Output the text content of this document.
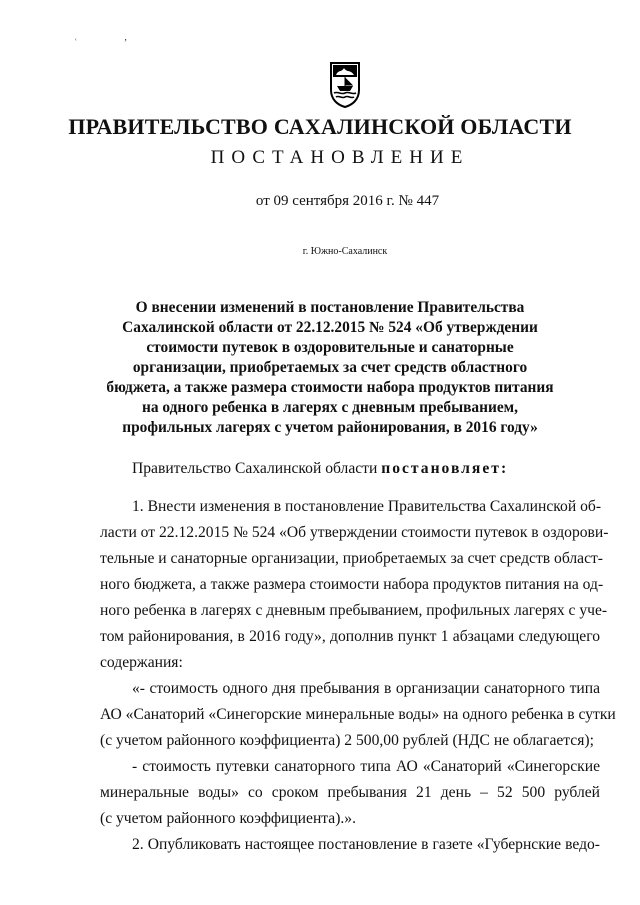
ʿ ʼ
ПРАВИТЕЛЬСТВО САХАЛИНСКОЙ ОБЛАСТИ
ПОСТАНОВЛЕНИЕ
от 09 сентября 2016 г. № 447
г. Южно-Сахалинск
О внесении изменений в постановление Правительства
Сахалинской области от 22.12.2015 № 524 «Об утверждении
стоимости путевок в оздоровительные и санаторные
организации, приобретаемых за счет средств областного
бюджета, а также размера стоимости набора продуктов питания
на одного ребенка в лагерях с дневным пребыванием,
профильных лагерях с учетом районирования, в 2016 году»
Правительство Сахалинской области постановляет:
1. Внести изменения в постановление Правительства Сахалинской об-
ласти от 22.12.2015 № 524 «Об утверждении стоимости путевок в оздорови-
тельные и санаторные организации, приобретаемых за счет средств област-
ного бюджета, а также размера стоимости набора продуктов питания на од-
ного ребенка в лагерях с дневным пребыванием, профильных лагерях с уче-
том районирования, в 2016 году», дополнив пункт 1 абзацами следующего
содержания:
«- стоимость одного дня пребывания в организации санаторного типа
АО «Санаторий «Синегорские минеральные воды» на одного ребенка в сутки
(с учетом районного коэффициента) 2 500,00 рублей (НДС не облагается);
- стоимость путевки санаторного типа АО «Санаторий «Синегорские
минеральные воды» со сроком пребывания 21 день – 52 500 рублей
(с учетом районного коэффициента).».
2. Опубликовать настоящее постановление в газете «Губернские ведо-
